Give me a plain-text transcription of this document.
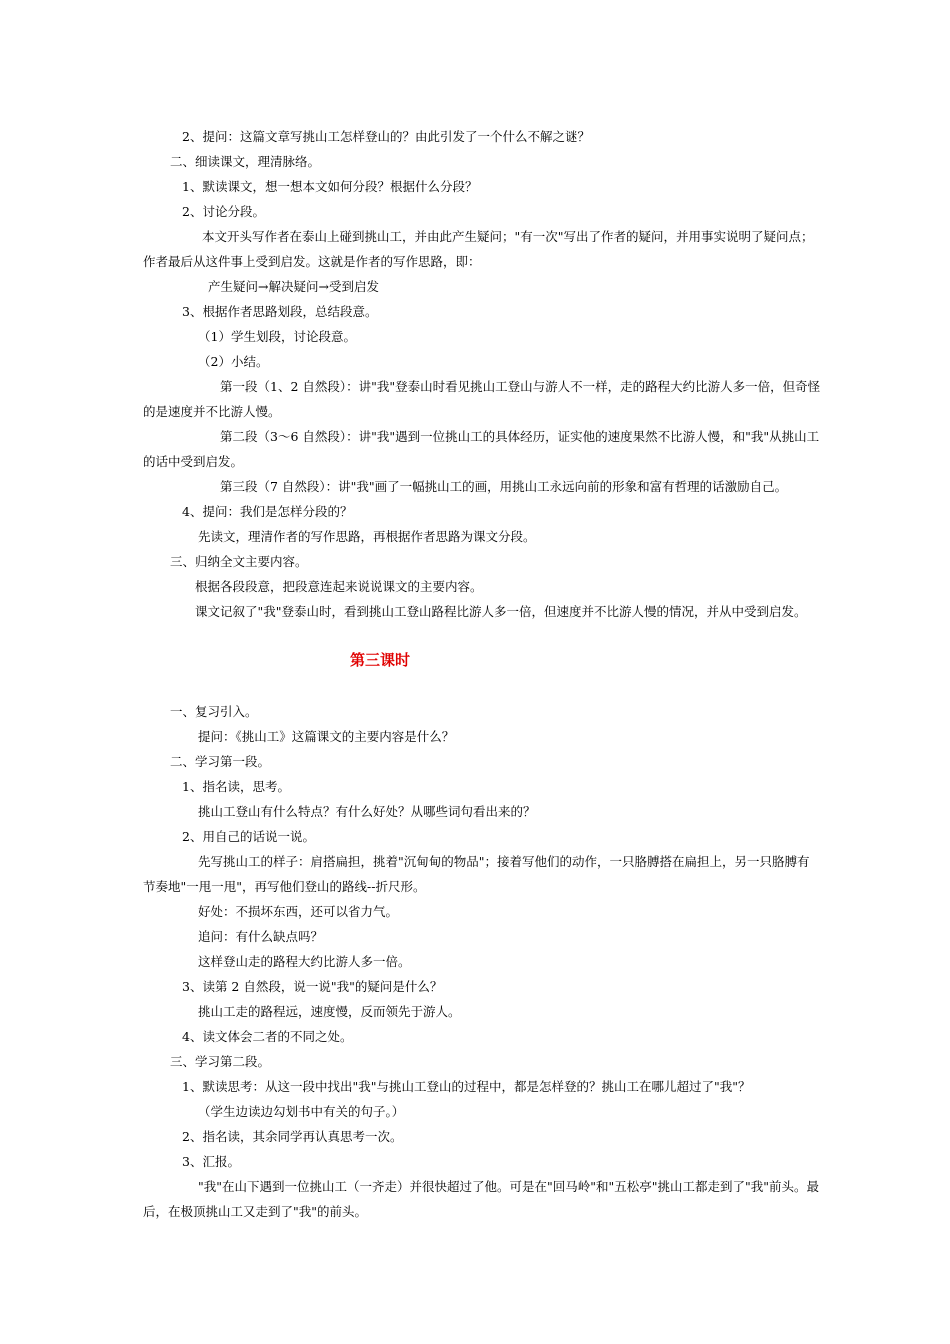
2、提问：这篇文章写挑山工怎样登山的？由此引发了一个什么不解之谜？
二、细读课文，理清脉络。
1、默读课文，想一想本文如何分段？根据什么分段？
2、讨论分段。
本文开头写作者在泰山上碰到挑山工，并由此产生疑问；"有一次"写出了作者的疑问，并用事实说明了疑问点；
作者最后从这件事上受到启发。这就是作者的写作思路，即：
产生疑问→解决疑问→受到启发
3、根据作者思路划段，总结段意。
（1）学生划段，讨论段意。
（2）小结。
第一段（1、2 自然段）：讲"我"登泰山时看见挑山工登山与游人不一样，走的路程大约比游人多一倍，但奇怪
的是速度并不比游人慢。
第二段（3～6 自然段）：讲"我"遇到一位挑山工的具体经历，证实他的速度果然不比游人慢，和"我"从挑山工
的话中受到启发。
第三段（7 自然段）：讲"我"画了一幅挑山工的画，用挑山工永远向前的形象和富有哲理的话激励自己。
4、提问：我们是怎样分段的？
先读文，理清作者的写作思路，再根据作者思路为课文分段。
三、归纳全文主要内容。
根据各段段意，把段意连起来说说课文的主要内容。
课文记叙了"我"登泰山时，看到挑山工登山路程比游人多一倍，但速度并不比游人慢的情况，并从中受到启发。
第三课时
一、复习引入。
提问：《挑山工》这篇课文的主要内容是什么？
二、学习第一段。
1、指名读，思考。
挑山工登山有什么特点？有什么好处？从哪些词句看出来的？
2、用自己的话说一说。
先写挑山工的样子：肩搭扁担，挑着"沉甸甸的物品"；接着写他们的动作，一只胳膊搭在扁担上，另一只胳膊有
节奏地"一甩一甩"，再写他们登山的路线--折尺形。
好处：不损坏东西，还可以省力气。
追问：有什么缺点吗？
这样登山走的路程大约比游人多一倍。
3、读第 2 自然段，说一说"我"的疑问是什么？
挑山工走的路程远，速度慢，反而领先于游人。
4、读文体会二者的不同之处。
三、学习第二段。
1、默读思考：从这一段中找出"我"与挑山工登山的过程中，都是怎样登的？挑山工在哪儿超过了"我"？
（学生边读边勾划书中有关的句子。）
2、指名读，其余同学再认真思考一次。
3、汇报。
"我"在山下遇到一位挑山工（一齐走）并很快超过了他。可是在"回马岭"和"五松亭"挑山工都走到了"我"前头。最
后，在极顶挑山工又走到了"我"的前头。
